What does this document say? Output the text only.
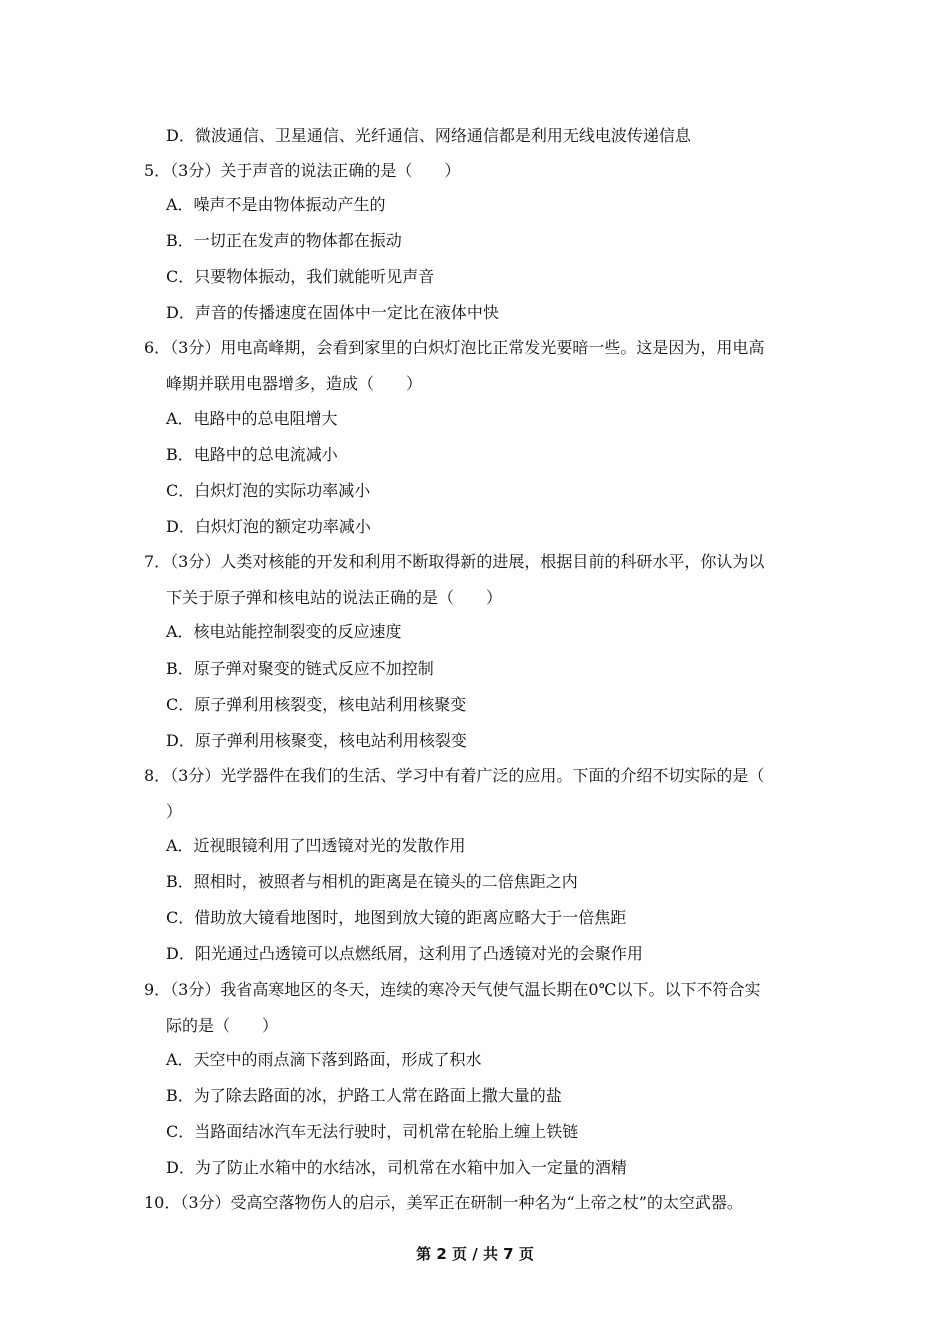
D．微波通信、卫星通信、光纤通信、网络通信都是利用无线电波传递信息
5．（3分）关于声音的说法正确的是（　　）
A．噪声不是由物体振动产生的
B．一切正在发声的物体都在振动
C．只要物体振动，我们就能听见声音
D．声音的传播速度在固体中一定比在液体中快
6．（3分）用电高峰期，会看到家里的白炽灯泡比正常发光要暗一些。这是因为，用电高
峰期并联用电器增多，造成（　　）
A．电路中的总电阻增大
B．电路中的总电流减小
C．白炽灯泡的实际功率减小
D．白炽灯泡的额定功率减小
7．（3分）人类对核能的开发和利用不断取得新的进展，根据目前的科研水平，你认为以
下关于原子弹和核电站的说法正确的是（　　）
A．核电站能控制裂变的反应速度
B．原子弹对聚变的链式反应不加控制
C．原子弹利用核裂变，核电站利用核聚变
D．原子弹利用核聚变，核电站利用核裂变
8．（3分）光学器件在我们的生活、学习中有着广泛的应用。下面的介绍不切实际的是（
）
A．近视眼镜利用了凹透镜对光的发散作用
B．照相时，被照者与相机的距离是在镜头的二倍焦距之内
C．借助放大镜看地图时，地图到放大镜的距离应略大于一倍焦距
D．阳光通过凸透镜可以点燃纸屑，这利用了凸透镜对光的会聚作用
9．（3分）我省高寒地区的冬天，连续的寒冷天气使气温长期在0℃以下。以下不符合实
际的是（　　）
A．天空中的雨点滴下落到路面，形成了积水
B．为了除去路面的冰，护路工人常在路面上撒大量的盐
C．当路面结冰汽车无法行驶时，司机常在轮胎上缠上铁链
D．为了防止水箱中的水结冰，司机常在水箱中加入一定量的酒精
10．（3分）受高空落物伤人的启示，美军正在研制一种名为“上帝之杖”的太空武器。
第 2 页 / 共 7 页
